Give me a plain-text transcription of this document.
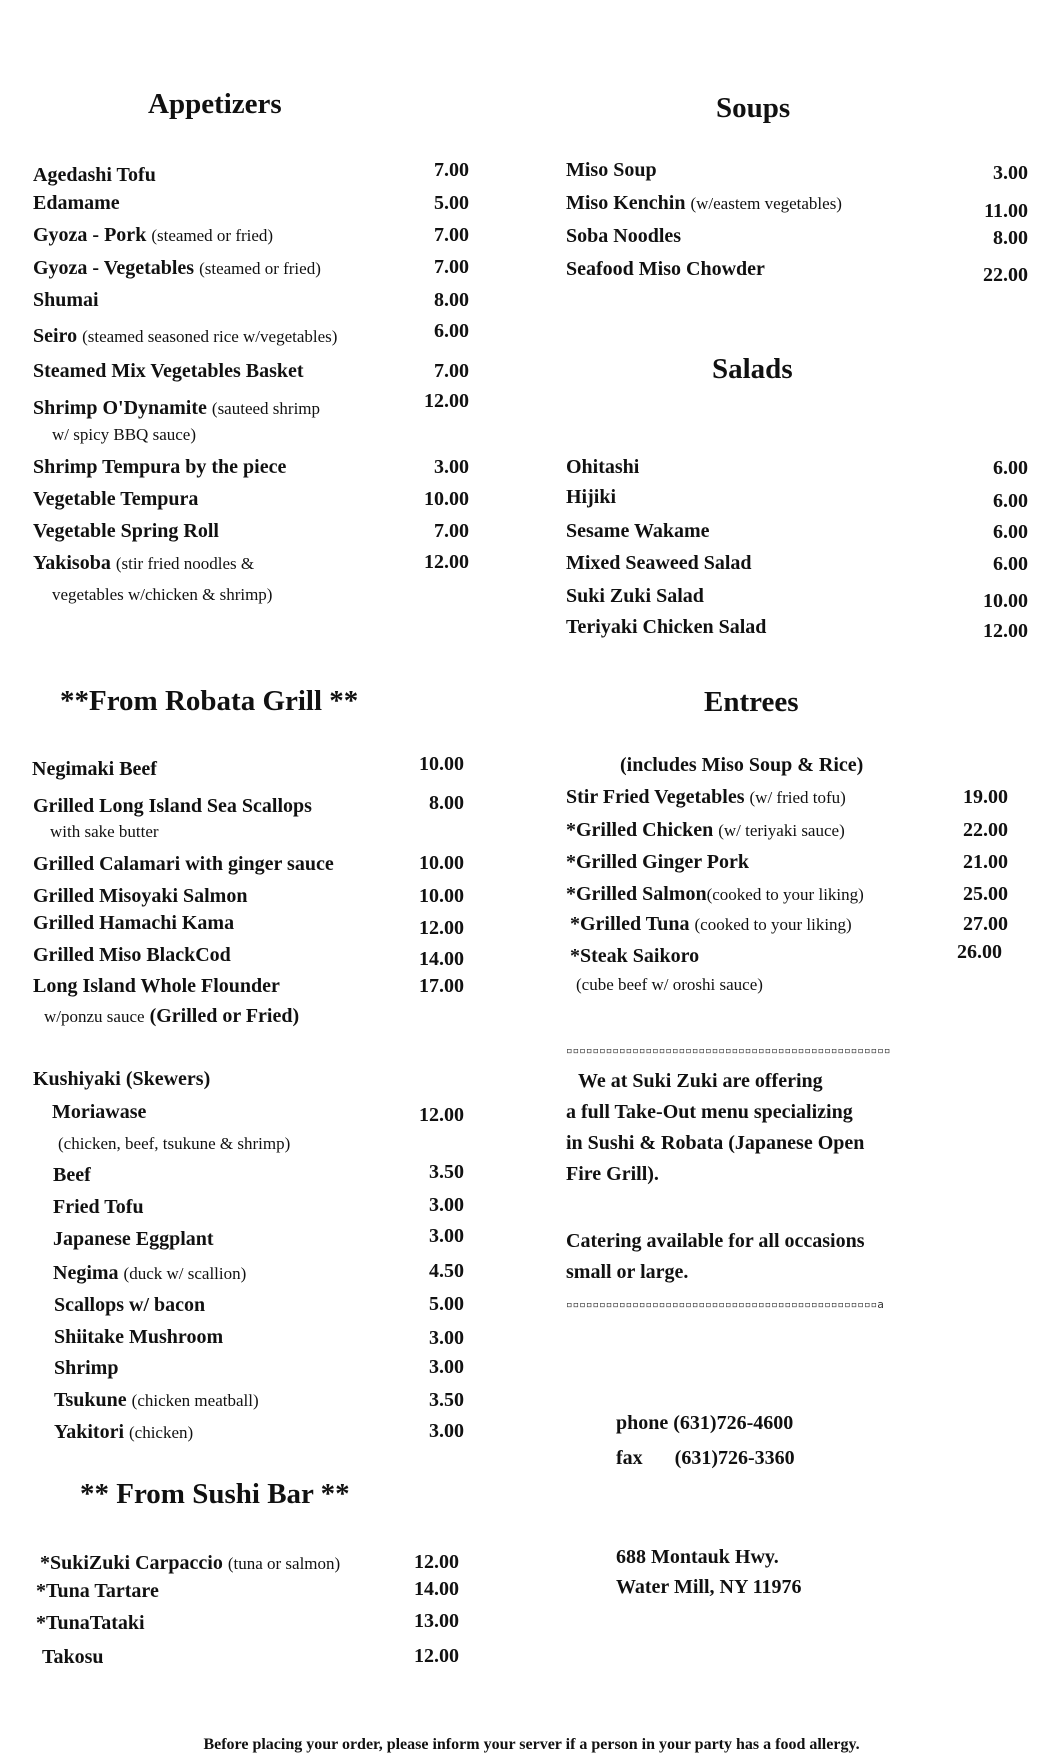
Appetizers
Agedashi Tofu	7.00
Edamame	5.00
Gyoza - Pork (steamed or fried)	7.00
Gyoza - Vegetables (steamed or fried)	7.00
Shumai	8.00
Seiro (steamed seasoned rice w/vegetables)	6.00
Steamed Mix Vegetables Basket	7.00
Shrimp O'Dynamite (sauteed shrimp	12.00
w/ spicy BBQ sauce)
Shrimp Tempura by the piece	3.00
Vegetable Tempura	10.00
Vegetable Spring Roll	7.00
Yakisoba (stir fried noodles &	12.00
vegetables w/chicken & shrimp)
**From Robata Grill **
Negimaki Beef	10.00
Grilled Long Island Sea Scallops	8.00
with sake butter
Grilled Calamari with ginger sauce	10.00
Grilled Misoyaki Salmon	10.00
Grilled Hamachi Kama	12.00
Grilled Miso BlackCod	14.00
Long Island Whole Flounder	17.00
w/ponzu sauce (Grilled or Fried)
Kushiyaki (Skewers)
Moriawase	12.00
(chicken, beef, tsukune & shrimp)
Beef	3.50
Fried Tofu	3.00
Japanese Eggplant	3.00
Negima (duck w/ scallion)	4.50
Scallops w/ bacon	5.00
Shiitake Mushroom	3.00
Shrimp	3.00
Tsukune (chicken meatball)	3.50
Yakitori (chicken)	3.00
** From Sushi Bar **
*SukiZuki Carpaccio (tuna or salmon)	12.00
*Tuna Tartare	14.00
*TunaTataki	13.00
Takosu	12.00
Soups
Miso Soup	3.00
Miso Kenchin (w/eastem vegetables)	11.00
Soba Noodles	8.00
Seafood Miso Chowder	22.00
Salads
Ohitashi	6.00
Hijiki	6.00
Sesame Wakame	6.00
Mixed Seaweed Salad	6.00
Suki Zuki Salad	10.00
Teriyaki Chicken Salad	12.00
Entrees
(includes Miso Soup & Rice)
Stir Fried Vegetables (w/ fried tofu)	19.00
*Grilled Chicken (w/ teriyaki sauce)	22.00
*Grilled Ginger Pork	21.00
*Grilled Salmon(cooked to your liking)	25.00
*Grilled Tuna (cooked to your liking)	27.00
*Steak Saikoro	26.00
(cube beef w/ oroshi sauce)
▫▫▫▫▫▫▫▫▫▫▫▫▫▫▫▫▫▫▫▫▫▫▫▫▫▫▫▫▫▫▫▫▫▫▫▫▫▫▫▫▫▫▫▫▫▫▫▫▫
We at Suki Zuki are offering
a full Take-Out menu specializing
in Sushi & Robata (Japanese Open
Fire Grill).
Catering available for all occasions
small or large.
▫▫▫▫▫▫▫▫▫▫▫▫▫▫▫▫▫▫▫▫▫▫▫▫▫▫▫▫▫▫▫▫▫▫▫▫▫▫▫▫▫▫▫▫▫▫▫a
phone (631)726-4600
fax (631)726-3360
688 Montauk Hwy.
Water Mill, NY 11976
Before placing your order, please inform your server if a person in your party has a food allergy.
